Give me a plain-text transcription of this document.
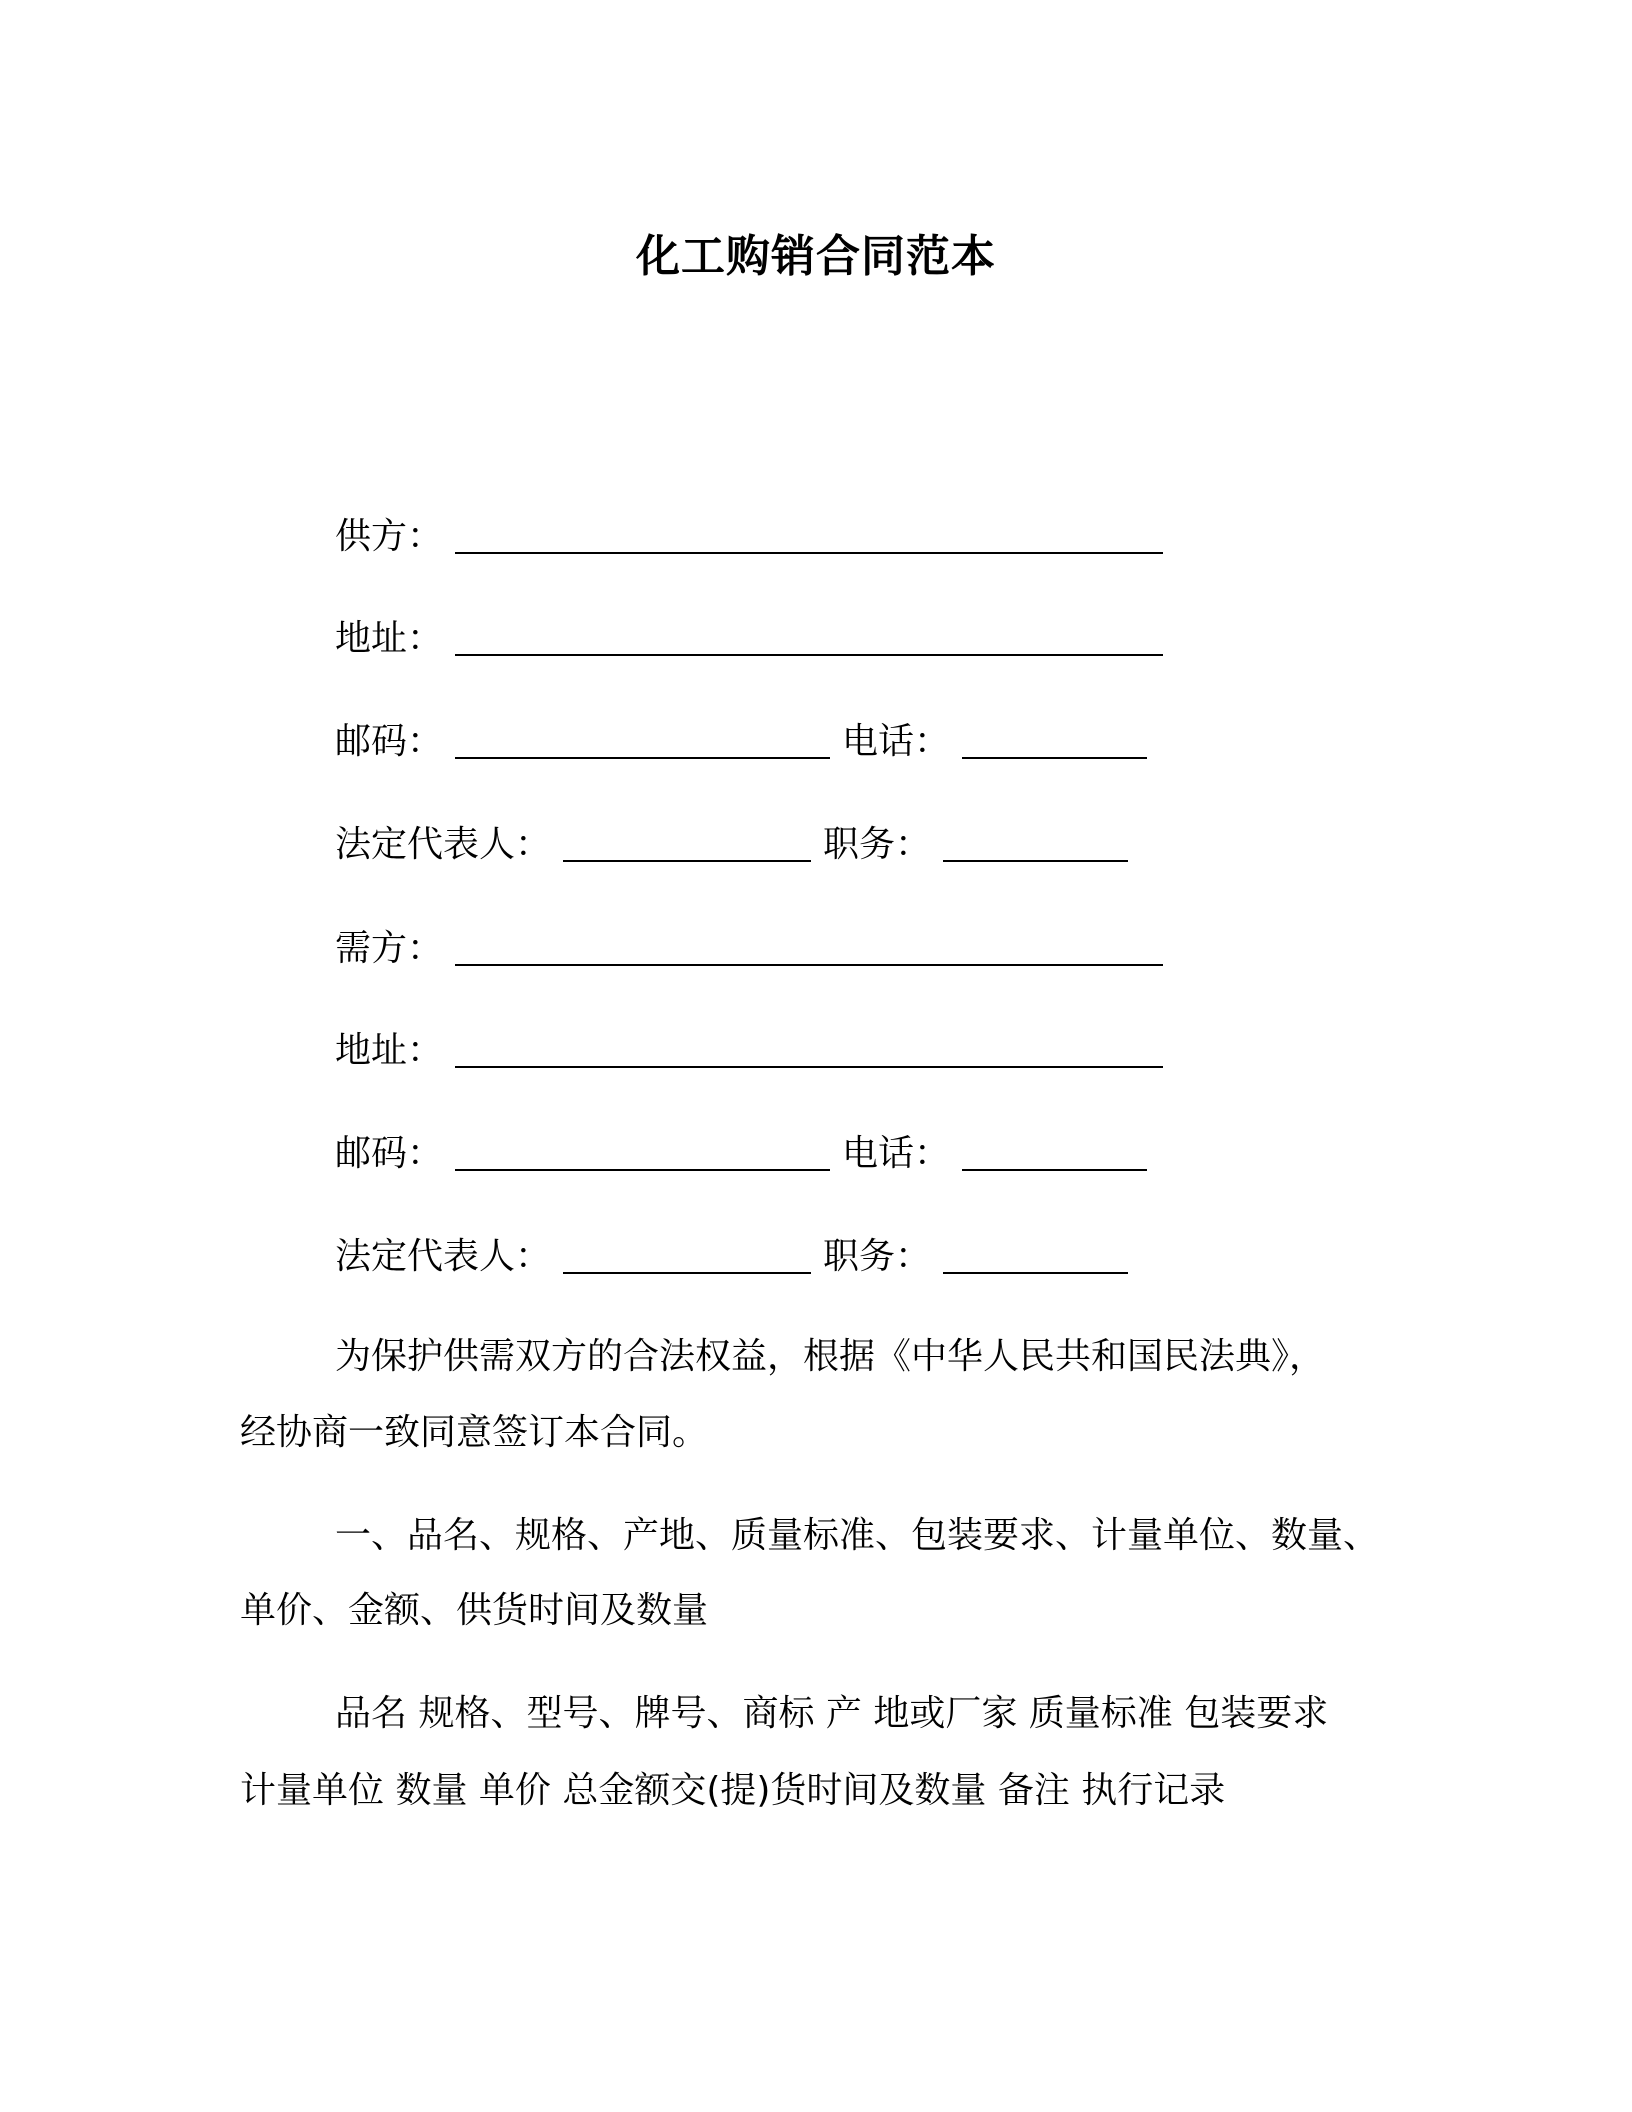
化工购销合同范本
供方：
地址：
邮码：	电话：
法定代表人：	职务：
需方：
地址：
邮码：	电话：
法定代表人：	职务：
为保护供需双方的合法权益，根据《中华人民共和国民法典》，
经协商一致同意签订本合同。
一、品名、规格、产地、质量标准、包装要求、计量单位、数量、
单价、金额、供货时间及数量
品名 规格、型号、牌号、商标 产 地或厂家 质量标准 包装要求
计量单位 数量 单价 总金额交(提)货时间及数量 备注 执行记录
